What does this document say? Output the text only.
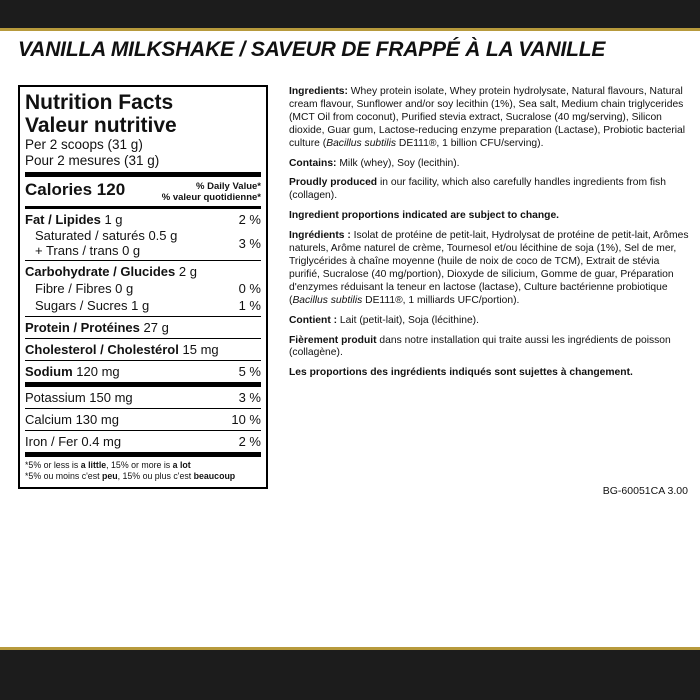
VANILLA MILKSHAKE / SAVEUR DE FRAPPÉ À LA VANILLE
Nutrition Facts
Valeur nutritive
Per 2 scoops (31 g)
Pour 2 mesures (31 g)
Calories 120	% Daily Value*
% valeur quotidienne*
Fat / Lipides 1 g	2 %
Saturated / saturés 0.5 g
+ Trans / trans 0 g	3 %
Carbohydrate / Glucides 2 g
Fibre / Fibres 0 g	0 %
Sugars / Sucres 1 g	1 %
Protein / Protéines 27 g
Cholesterol / Cholestérol 15 mg
Sodium 120 mg	5 %
Potassium 150 mg	3 %
Calcium 130 mg	10 %
Iron / Fer 0.4 mg	2 %
*5% or less is a little, 15% or more is a lot
*5% ou moins c'est peu, 15% ou plus c'est beaucoup

Ingredients: Whey protein isolate, Whey protein hydrolysate, Natural flavours, Natural cream flavour, Sunflower and/or soy lecithin (1%), Sea salt, Medium chain triglycerides (MCT Oil from coconut), Purified stevia extract, Sucralose (40 mg/serving), Silicon dioxide, Guar gum, Lactose-reducing enzyme preparation (Lactase), Probiotic bacterial culture (Bacillus subtilis DE111®, 1 billion CFU/serving).

Contains: Milk (whey), Soy (lecithin).

Proudly produced in our facility, which also carefully handles ingredients from fish (collagen).

Ingredient proportions indicated are subject to change.

Ingrédients : Isolat de protéine de petit-lait, Hydrolysat de protéine de petit-lait, Arômes naturels, Arôme naturel de crème, Tournesol et/ou lécithine de soja (1%), Sel de mer, Triglycérides à chaîne moyenne (huile de noix de coco de TCM), Extrait de stévia purifié, Sucralose (40 mg/portion), Dioxyde de silicium, Gomme de guar, Préparation d'enzymes réduisant la teneur en lactose (lactase), Culture bactérienne probiotique (Bacillus subtilis DE111®, 1 milliards UFC/portion).

Contient : Lait (petit-lait), Soja (lécithine).

Fièrement produit dans notre installation qui traite aussi les ingrédients de poisson (collagène).

Les proportions des ingrédients indiqués sont sujettes à changement.

BG-60051CA 3.00
